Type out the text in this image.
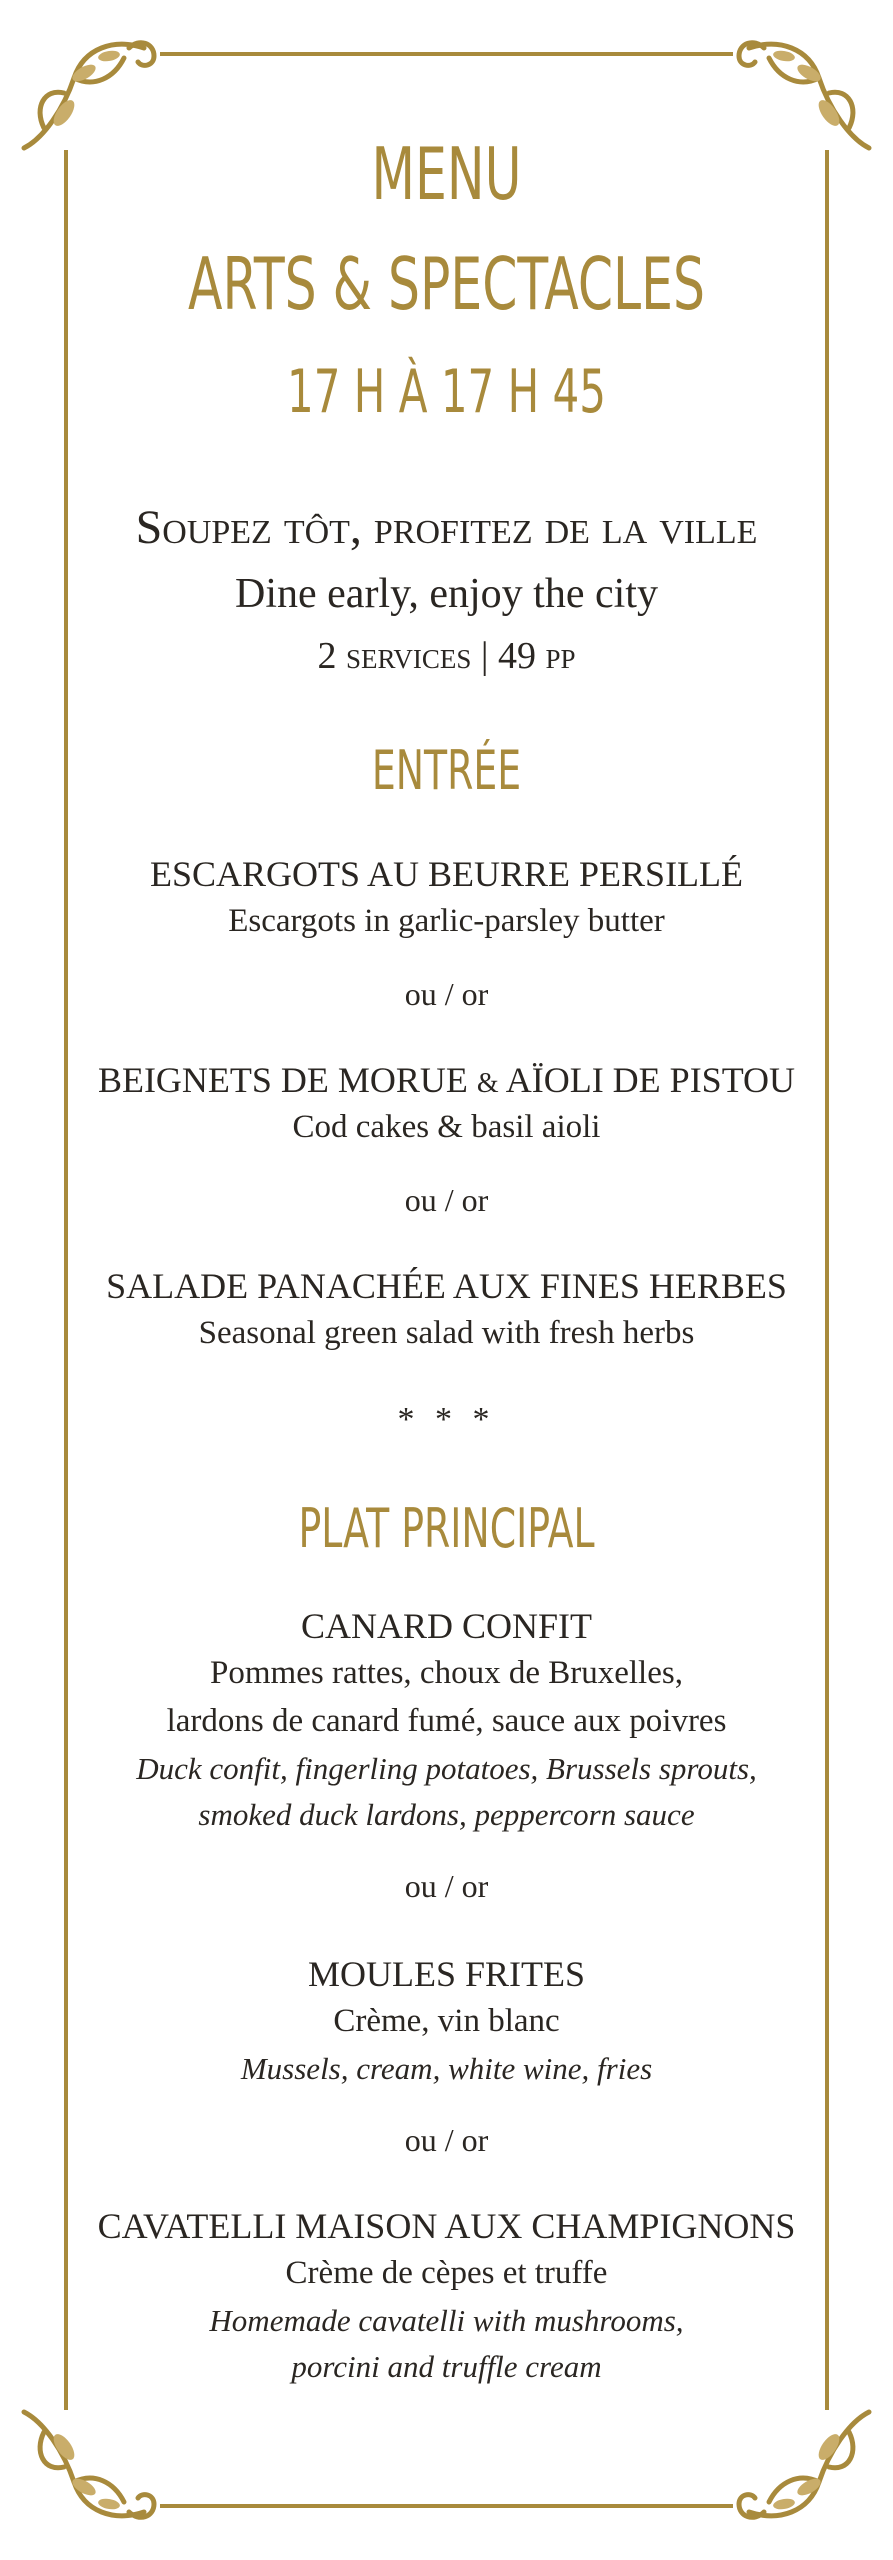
MENU
ARTS & SPECTACLES
17 H À 17 H 45
Soupez tôt, profitez de la ville
Dine early, enjoy the city
2 services | 49 pp
ENTRÉE
ESCARGOTS AU BEURRE PERSILLÉ
Escargots in garlic-parsley butter
ou / or
BEIGNETS DE MORUE & AÏOLI DE PISTOU
Cod cakes & basil aioli
ou / or
SALADE PANACHÉE AUX FINES HERBES
Seasonal green salad with fresh herbs
* * *
PLAT PRINCIPAL
CANARD CONFIT
Pommes rattes, choux de Bruxelles,
lardons de canard fumé, sauce aux poivres
Duck confit, fingerling potatoes, Brussels sprouts,
smoked duck lardons, peppercorn sauce
ou / or
MOULES FRITES
Crème, vin blanc
Mussels, cream, white wine, fries
ou / or
CAVATELLI MAISON AUX CHAMPIGNONS
Crème de cèpes et truffe
Homemade cavatelli with mushrooms,
porcini and truffle cream
